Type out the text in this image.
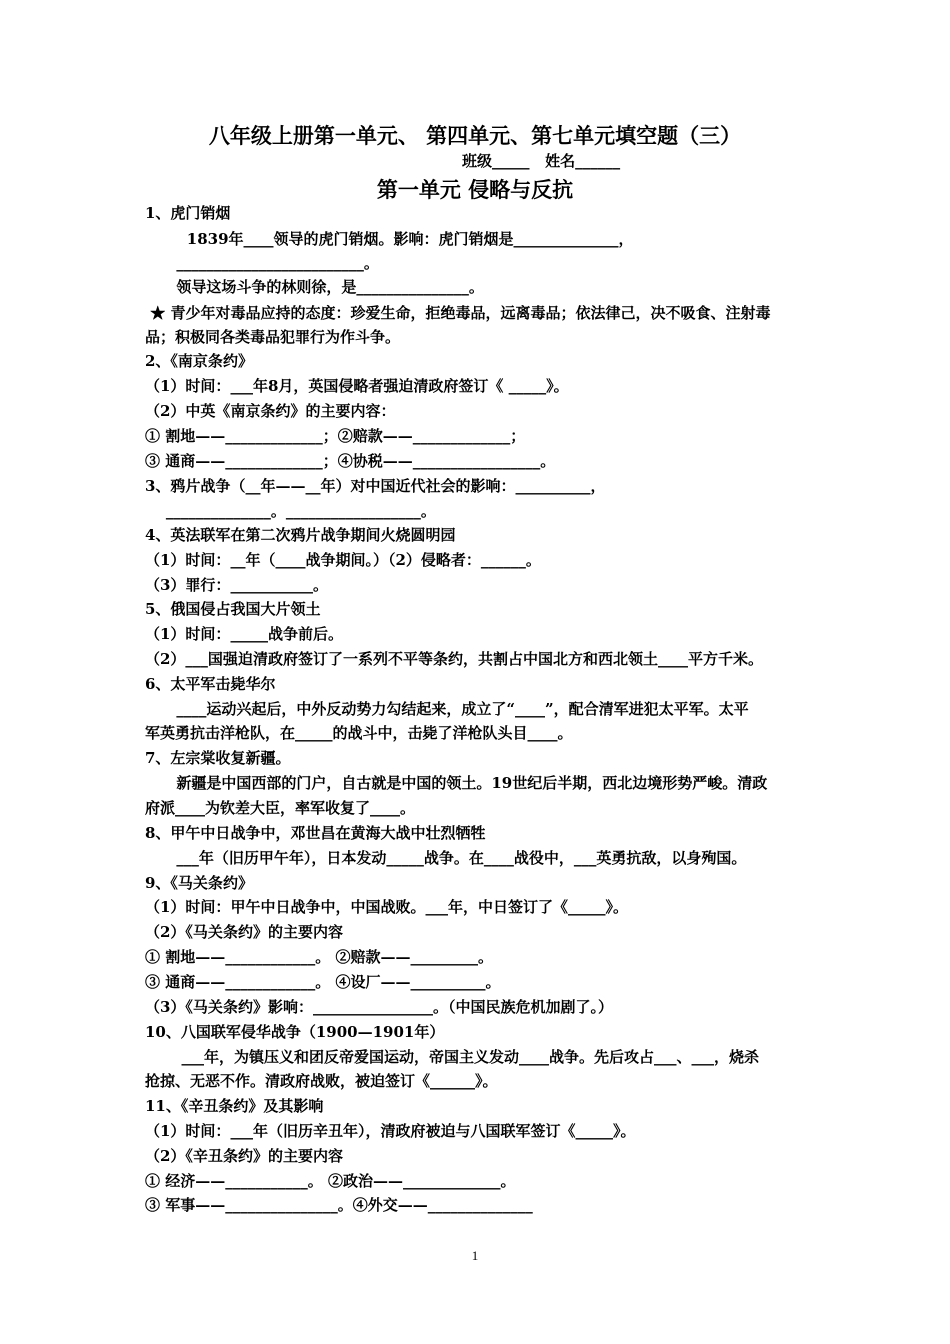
八年级上册第一单元、 第四单元、第七单元填空题（三）
班级_____   姓名______
第一单元 侵略与反抗
1、虎门销烟
1839年____领导的虎门销烟。影响：虎门销烟是______________，
_________________________。
领导这场斗争的林则徐，是_______________。
★ 青少年对毒品应持的态度：珍爱生命，拒绝毒品，远离毒品；依法律己，决不吸食、注射毒
品；积极同各类毒品犯罪行为作斗争。
2、《南京条约》
（1）时间：___年8月，英国侵略者强迫清政府签订《 _____》。
（2）中英《南京条约》的主要内容：
① 割地——_____________；②赔款——_____________；
③ 通商——_____________；④协税——_________________。
3、鸦片战争（__年——__年）对中国近代社会的影响：__________，
______________。__________________。
4、英法联军在第二次鸦片战争期间火烧圆明园
（1）时间：__年（____战争期间。）（2）侵略者：______。
（3）罪行：___________。
5、俄国侵占我国大片领土
（1）时间：_____战争前后。
（2）___国强迫清政府签订了一系列不平等条约，共割占中国北方和西北领土____平方千米。
6、太平军击毙华尔
____运动兴起后，中外反动势力勾结起来，成立了“____”，配合清军进犯太平军。太平
军英勇抗击洋枪队，在_____的战斗中，击毙了洋枪队头目____。
7、左宗棠收复新疆。
新疆是中国西部的门户，自古就是中国的领土。19世纪后半期，西北边境形势严峻。清政
府派____为钦差大臣，率军收复了____。
8、甲午中日战争中，邓世昌在黄海大战中壮烈牺牲
___年（旧历甲午年），日本发动_____战争。在____战役中，___英勇抗敌，以身殉国。
9、《马关条约》
（1）时间：甲午中日战争中，中国战败。___年，中日签订了《_____》。
（2）《马关条约》的主要内容
① 割地——____________。 ②赔款——_________。
③ 通商——____________。 ④设厂——__________。
（3）《马关条约》影响：________________。（中国民族危机加剧了。）
10、八国联军侵华战争（1900—1901年）
___年，为镇压义和团反帝爱国运动，帝国主义发动____战争。先后攻占___、___，烧杀
抢掠、无恶不作。清政府战败，被迫签订《______》。
11、《辛丑条约》及其影响
（1）时间：___年（旧历辛丑年），清政府被迫与八国联军签订《_____》。
（2）《辛丑条约》的主要内容
① 经济——___________。 ②政治——_____________。
③ 军事——_______________。④外交——______________
1
